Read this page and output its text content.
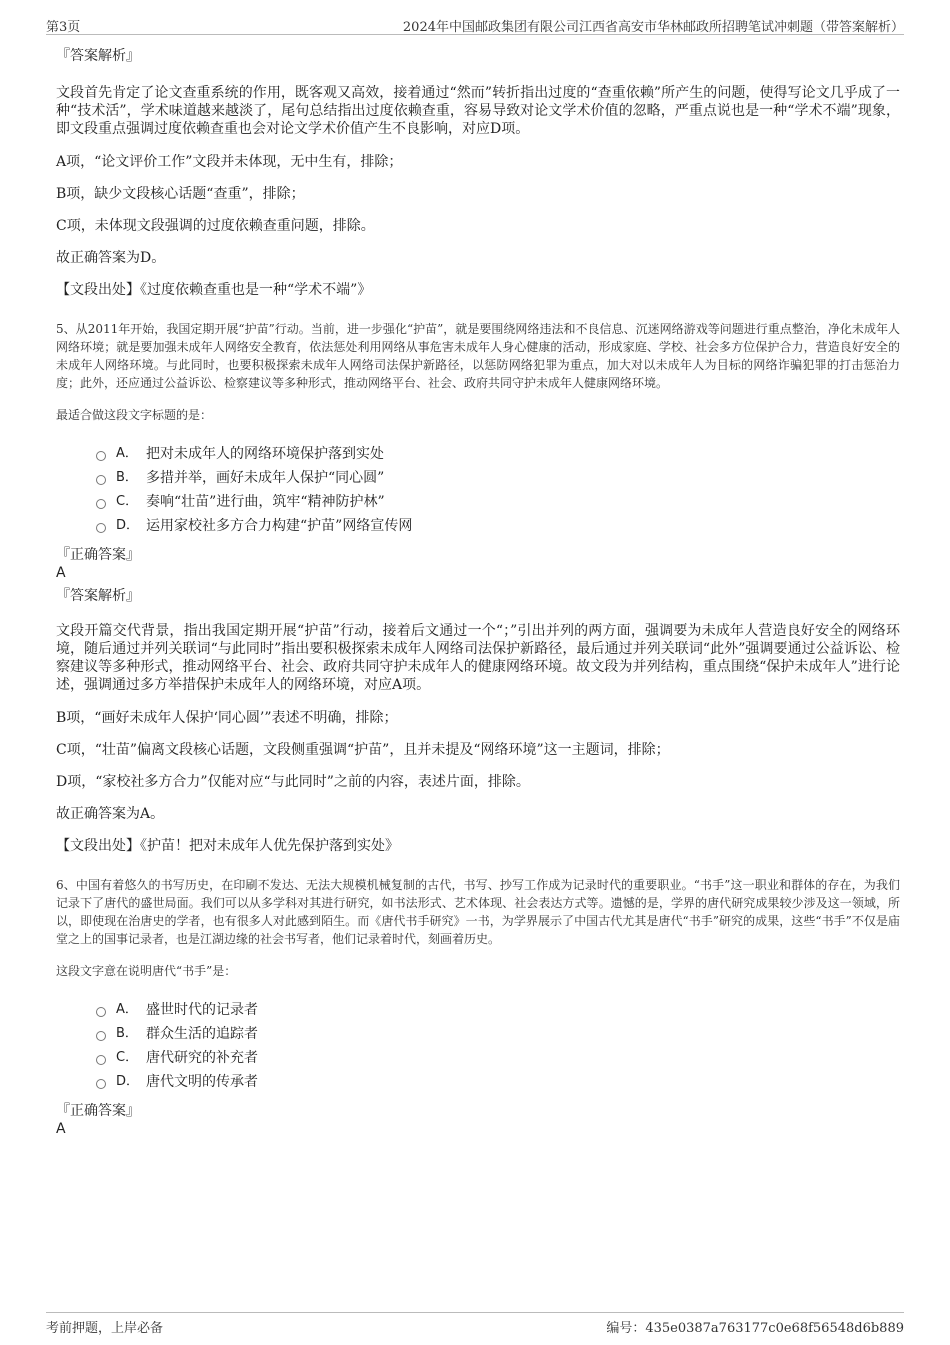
第3页	2024年中国邮政集团有限公司江西省高安市华林邮政所招聘笔试冲刺题（带答案解析）

『答案解析』

文段首先肯定了论文查重系统的作用，既客观又高效，接着通过“然而”转折指出过度的“查重依赖”所产生的问题，使得写论文几乎成了一种“技术活”，学术味道越来越淡了，尾句总结指出过度依赖查重，容易导致对论文学术价值的忽略，严重点说也是一种“学术不端”现象，即文段重点强调过度依赖查重也会对论文学术价值产生不良影响，对应D项。

A项，“论文评价工作”文段并未体现，无中生有，排除；

B项，缺少文段核心话题“查重”，排除；

C项，未体现文段强调的过度依赖查重问题，排除。

故正确答案为D。

【文段出处】《过度依赖查重也是一种“学术不端”》

5、从2011年开始，我国定期开展“护苗”行动。当前，进一步强化“护苗”，就是要围绕网络违法和不良信息、沉迷网络游戏等问题进行重点整治，净化未成年人网络环境；就是要加强未成年人网络安全教育，依法惩处利用网络从事危害未成年人身心健康的活动，形成家庭、学校、社会多方位保护合力，营造良好安全的未成年人网络环境。与此同时，也要积极探索未成年人网络司法保护新路径，以惩防网络犯罪为重点，加大对以未成年人为目标的网络诈骗犯罪的打击惩治力度；此外，还应通过公益诉讼、检察建议等多种形式，推动网络平台、社会、政府共同守护未成年人健康网络环境。

最适合做这段文字标题的是：

A． 把对未成年人的网络环境保护落到实处
B． 多措并举，画好未成年人保护“同心圆”
C． 奏响“壮苗”进行曲，筑牢“精神防护林”
D． 运用家校社多方合力构建“护苗”网络宣传网

『正确答案』

A

『答案解析』

文段开篇交代背景，指出我国定期开展“护苗”行动，接着后文通过一个“；”引出并列的两方面，强调要为未成年人营造良好安全的网络环境，随后通过并列关联词“与此同时”指出要积极探索未成年人网络司法保护新路径，最后通过并列关联词“此外”强调要通过公益诉讼、检察建议等多种形式，推动网络平台、社会、政府共同守护未成年人的健康网络环境。故文段为并列结构，重点围绕“保护未成年人”进行论述，强调通过多方举措保护未成年人的网络环境，对应A项。

B项，“画好未成年人保护‘同心圆’”表述不明确，排除；

C项，“壮苗”偏离文段核心话题，文段侧重强调“护苗”，且并未提及“网络环境”这一主题词，排除；

D项，“家校社多方合力”仅能对应“与此同时”之前的内容，表述片面，排除。

故正确答案为A。

【文段出处】《护苗！把对未成年人优先保护落到实处》

6、中国有着悠久的书写历史，在印刷不发达、无法大规模机械复制的古代，书写、抄写工作成为记录时代的重要职业。“书手”这一职业和群体的存在，为我们记录下了唐代的盛世局面。我们可以从多学科对其进行研究，如书法形式、艺术体现、社会表达方式等。遗憾的是，学界的唐代研究成果较少涉及这一领域，所以，即使现在治唐史的学者，也有很多人对此感到陌生。而《唐代书手研究》一书，为学界展示了中国古代尤其是唐代“书手”研究的成果，这些“书手”不仅是庙堂之上的国事记录者，也是江湖边缘的社会书写者，他们记录着时代，刻画着历史。

这段文字意在说明唐代“书手”是：

A． 盛世时代的记录者
B． 群众生活的追踪者
C． 唐代研究的补充者
D． 唐代文明的传承者

『正确答案』

A

考前押题，上岸必备	编号：435e0387a763177c0e68f56548d6b889
